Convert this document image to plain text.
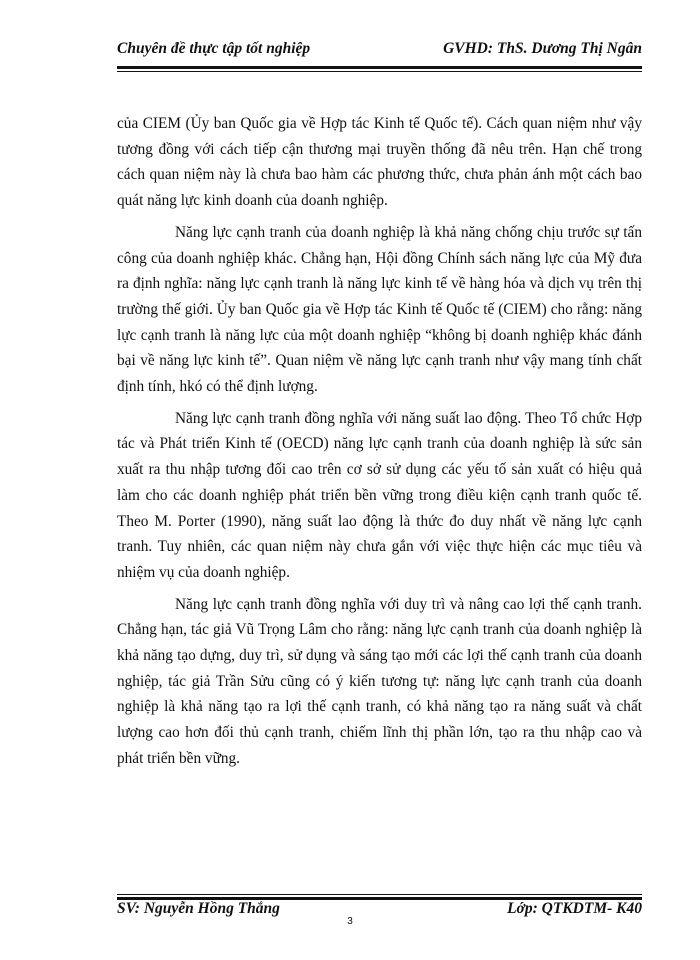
Chuyên đề thực tập tốt nghiệp	GVHD: ThS. Dương Thị Ngân

của CIEM (Ủy ban Quốc gia về Hợp tác Kinh tế Quốc tế). Cách quan niệm như vậy tương đồng với cách tiếp cận thương mại truyền thống đã nêu trên. Hạn chế trong cách quan niệm này là chưa bao hàm các phương thức, chưa phản ánh một cách bao quát năng lực kinh doanh của doanh nghiệp.

Năng lực cạnh tranh của doanh nghiệp là khả năng chống chịu trước sự tấn công của doanh nghiệp khác. Chẳng hạn, Hội đồng Chính sách năng lực của Mỹ đưa ra định nghĩa: năng lực cạnh tranh là năng lực kinh tế về hàng hóa và dịch vụ trên thị trường thế giới. Ủy ban Quốc gia về Hợp tác Kinh tế Quốc tế (CIEM) cho rằng: năng lực cạnh tranh là năng lực của một doanh nghiệp “không bị doanh nghiệp khác đánh bại về năng lực kinh tế”. Quan niệm về năng lực cạnh tranh như vậy mang tính chất định tính, hkó có thể định lượng.

Năng lực cạnh tranh đồng nghĩa với năng suất lao động. Theo Tổ chức Hợp tác và Phát triển Kinh tế (OECD) năng lực cạnh tranh của doanh nghiệp là sức sản xuất ra thu nhập tương đối cao trên cơ sở sử dụng các yếu tố sản xuất có hiệu quả làm cho các doanh nghiệp phát triển bền vững trong điều kiện cạnh tranh quốc tế. Theo M. Porter (1990), năng suất lao động là thức đo duy nhất về năng lực cạnh tranh. Tuy nhiên, các quan niệm này chưa gắn với việc thực hiện các mục tiêu và nhiệm vụ của doanh nghiệp.

Năng lực cạnh tranh đồng nghĩa với duy trì và nâng cao lợi thế cạnh tranh. Chẳng hạn, tác giả Vũ Trọng Lâm cho rằng: năng lực cạnh tranh của doanh nghiệp là khả năng tạo dựng, duy trì, sử dụng và sáng tạo mới các lợi thế cạnh tranh của doanh nghiệp, tác giả Trần Sửu cũng có ý kiến tương tự: năng lực cạnh tranh của doanh nghiệp là khả năng tạo ra lợi thế cạnh tranh, có khả năng tạo ra năng suất và chất lượng cao hơn đối thủ cạnh tranh, chiếm lĩnh thị phần lớn, tạo ra thu nhập cao và phát triển bền vững.

SV: Nguyễn Hồng Thắng	Lớp: QTKDTM- K40
3
